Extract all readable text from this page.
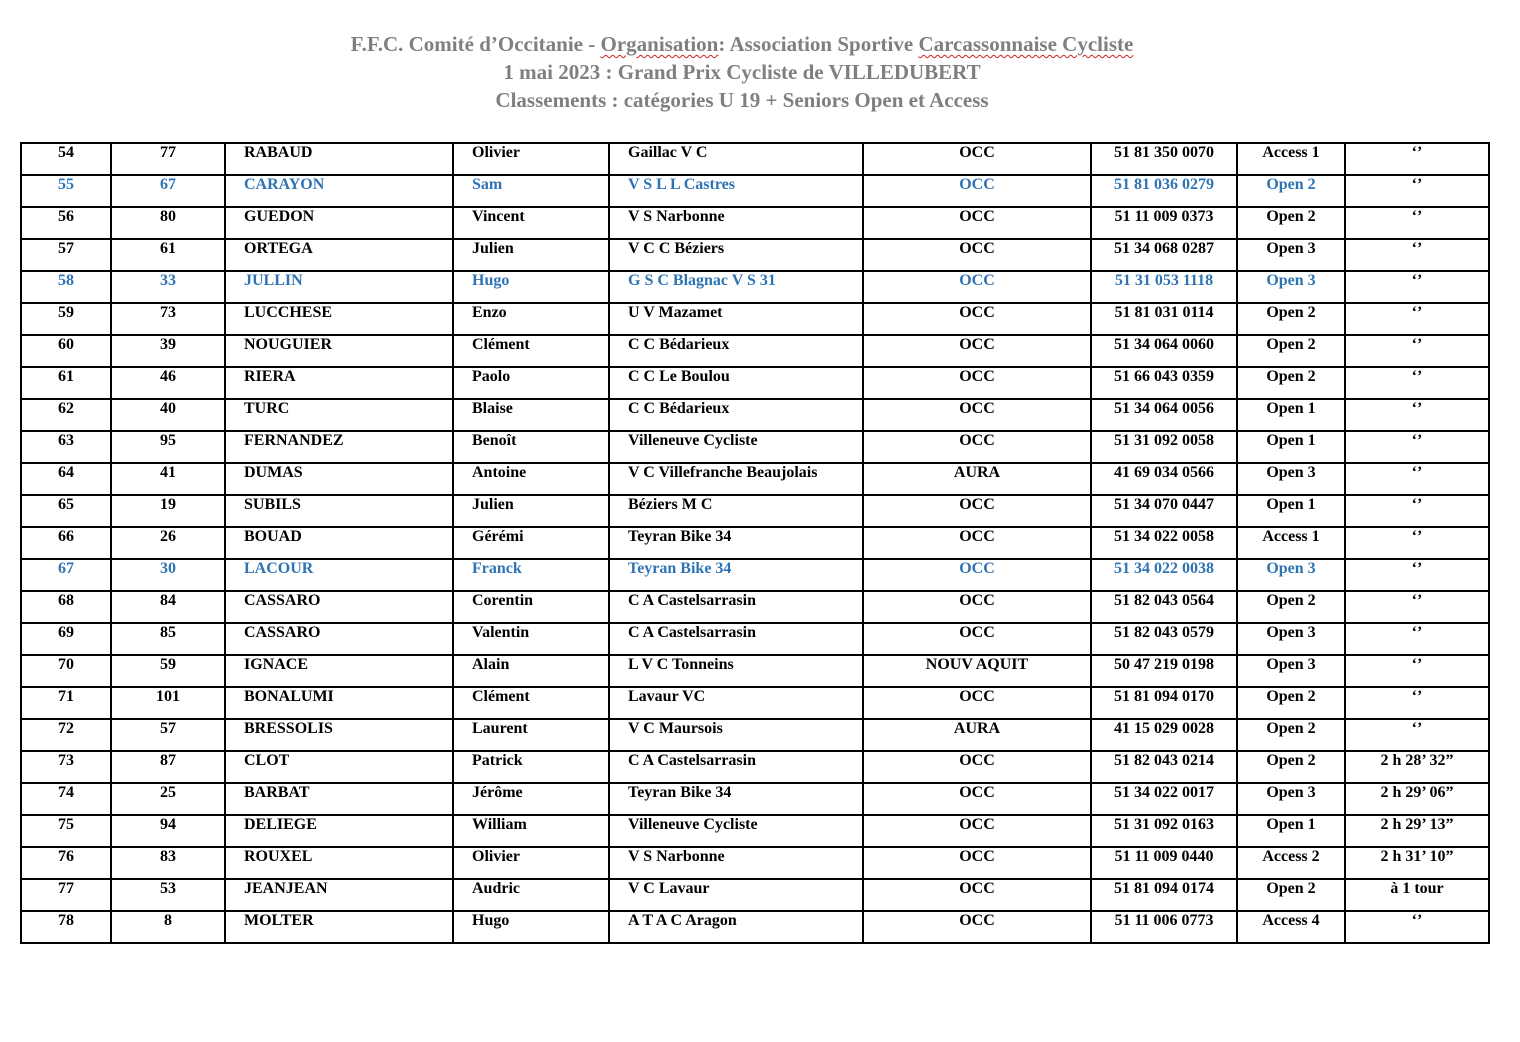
F.F.C. Comité d’Occitanie - Organisation: Association Sportive Carcassonnaise Cycliste
1 mai 2023 : Grand Prix Cycliste de VILLEDUBERT
Classements : catégories U 19 + Seniors Open et Access
54	77	RABAUD	Olivier	Gaillac V C	OCC	51 81 350 0070	Access 1	‘’
55	67	CARAYON	Sam	V S L L Castres	OCC	51 81 036 0279	Open 2	‘’
56	80	GUEDON	Vincent	V S Narbonne	OCC	51 11 009 0373	Open 2	‘’
57	61	ORTEGA	Julien	V C C Béziers	OCC	51 34 068 0287	Open 3	‘’
58	33	JULLIN	Hugo	G S C Blagnac V S 31	OCC	51 31 053 1118	Open 3	‘’
59	73	LUCCHESE	Enzo	U V Mazamet	OCC	51 81 031 0114	Open 2	‘’
60	39	NOUGUIER	Clément	C C Bédarieux	OCC	51 34 064 0060	Open 2	‘’
61	46	RIERA	Paolo	C C Le Boulou	OCC	51 66 043 0359	Open 2	‘’
62	40	TURC	Blaise	C C Bédarieux	OCC	51 34 064 0056	Open 1	‘’
63	95	FERNANDEZ	Benoît	Villeneuve Cycliste	OCC	51 31 092 0058	Open 1	‘’
64	41	DUMAS	Antoine	V C Villefranche Beaujolais	AURA	41 69 034 0566	Open 3	‘’
65	19	SUBILS	Julien	Béziers M C	OCC	51 34 070 0447	Open 1	‘’
66	26	BOUAD	Gérémi	Teyran Bike 34	OCC	51 34 022 0058	Access 1	‘’
67	30	LACOUR	Franck	Teyran Bike 34	OCC	51 34 022 0038	Open 3	‘’
68	84	CASSARO	Corentin	C A Castelsarrasin	OCC	51 82 043 0564	Open 2	‘’
69	85	CASSARO	Valentin	C A Castelsarrasin	OCC	51 82 043 0579	Open 3	‘’
70	59	IGNACE	Alain	L V C Tonneins	NOUV AQUIT	50 47 219 0198	Open 3	‘’
71	101	BONALUMI	Clément	Lavaur VC	OCC	51 81 094 0170	Open 2	‘’
72	57	BRESSOLIS	Laurent	V C Maursois	AURA	41 15 029 0028	Open 2	‘’
73	87	CLOT	Patrick	C A Castelsarrasin	OCC	51 82 043 0214	Open 2	2 h 28’ 32”
74	25	BARBAT	Jérôme	Teyran Bike 34	OCC	51 34 022 0017	Open 3	2 h 29’ 06”
75	94	DELIEGE	William	Villeneuve Cycliste	OCC	51 31 092 0163	Open 1	2 h 29’ 13”
76	83	ROUXEL	Olivier	V S Narbonne	OCC	51 11 009 0440	Access 2	2 h 31’ 10”
77	53	JEANJEAN	Audric	V C Lavaur	OCC	51 81 094 0174	Open 2	à 1 tour
78	8	MOLTER	Hugo	A T A C Aragon	OCC	51 11 006 0773	Access 4	‘’
